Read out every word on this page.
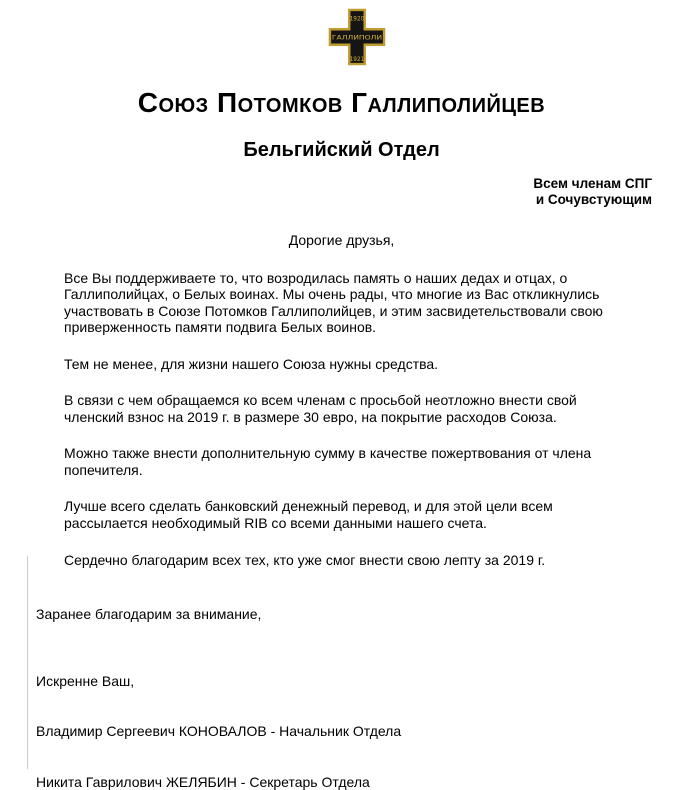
1920
ГАЛЛИПОЛИ
1921
Союз Потомков Галлиполийцев
Бельгийский Отдел
Всем членам СПГ
и Сочувстующим
Дорогие друзья,

Все Вы поддерживаете то, что возродилась память о наших дедах и отцах, о Галлиполийцах, о Белых воинах. Мы очень рады, что многие из Вас откликнулись участвовать в Союзе Потомков Галлиполийцев, и этим засвидетельствовали свою приверженность памяти подвига Белых воинов.

Тем не менее, для жизни нашего Союза нужны средства.

В связи с чем обращаемся ко всем членам с просьбой неотложно внести свой членский взнос на 2019 г. в размере 30 евро, на покрытие расходов Союза.

Можно также внести дополнительную сумму в качестве пожертвования от члена попечителя.

Лучше всего сделать банковский денежный перевод, и для этой цели всем рассылается необходимый RIB со всеми данными нашего счета.

Сердечно благодарим всех тех, кто уже смог внести свою лепту за 2019 г.

Заранее благодарим за внимание,

Искренне Ваш,

Владимир Сергеевич КОНОВАЛОВ - Начальник Отдела

Никита Гаврилович ЖЕЛЯБИН - Секретарь Отдела
